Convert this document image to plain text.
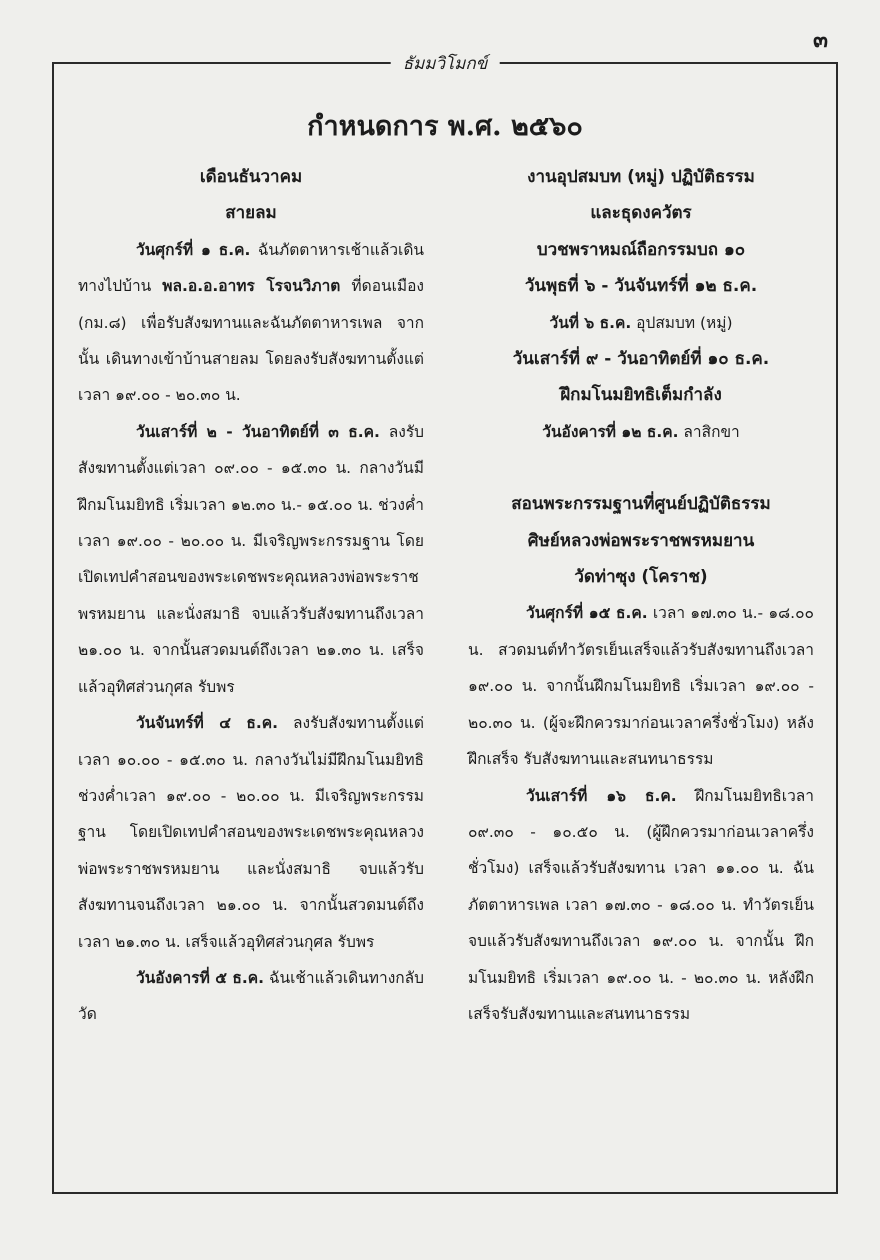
๓
ธัมมวิโมกข์
กำหนดการ พ.ศ. ๒๕๖๐

เดือนธันวาคม

สายลม

วันศุกร์ที่ ๑ ธ.ค. ฉันภัตตาหารเช้าแล้วเดินทางไปบ้าน พล.อ.อ.อาทร โรจนวิภาต ที่ดอนเมือง (กม.๘) เพื่อรับสังฆทานและฉันภัตตาหารเพล จากนั้น เดินทางเข้าบ้านสายลม โดยลงรับสังฆทานตั้งแต่เวลา ๑๙.๐๐ - ๒๐.๓๐ น.

วันเสาร์ที่ ๒ - วันอาทิตย์ที่ ๓ ธ.ค. ลงรับสังฆทานตั้งแต่เวลา ๐๙.๐๐ - ๑๕.๓๐ น. กลางวันมีฝึกมโนมยิทธิ เริ่มเวลา ๑๒.๓๐ น.- ๑๕.๐๐ น. ช่วงค่ำ เวลา ๑๙.๐๐ - ๒๐.๐๐ น. มีเจริญพระกรรมฐาน โดยเปิดเทปคำสอนของพระเดชพระคุณหลวงพ่อพระราชพรหมยาน และนั่งสมาธิ จบแล้วรับสังฆทานถึงเวลา ๒๑.๐๐ น. จากนั้นสวดมนต์ถึงเวลา ๒๑.๓๐ น. เสร็จแล้วอุทิศส่วนกุศล รับพร

วันจันทร์ที่ ๔ ธ.ค. ลงรับสังฆทานตั้งแต่เวลา ๑๐.๐๐ - ๑๕.๓๐ น. กลางวันไม่มีฝึกมโนมยิทธิ ช่วงค่ำเวลา ๑๙.๐๐ - ๒๐.๐๐ น. มีเจริญพระกรรมฐาน โดยเปิดเทปคำสอนของพระเดชพระคุณหลวงพ่อพระราชพรหมยาน และนั่งสมาธิ จบแล้วรับสังฆทานจนถึงเวลา ๒๑.๐๐ น. จากนั้นสวดมนต์ถึงเวลา ๒๑.๓๐ น. เสร็จแล้วอุทิศส่วนกุศล รับพร

วันอังคารที่ ๕ ธ.ค. ฉันเช้าแล้วเดินทางกลับวัด

งานอุปสมบท (หมู่) ปฏิบัติธรรม

และธุดงควัตร

บวชพราหมณ์ถือกรรมบถ ๑๐

วันพุธที่ ๖ - วันจันทร์ที่ ๑๒ ธ.ค.

วันที่ ๖ ธ.ค. อุปสมบท (หมู่)

วันเสาร์ที่ ๙ - วันอาทิตย์ที่ ๑๐ ธ.ค.

ฝึกมโนมยิทธิเต็มกำลัง

วันอังคารที่ ๑๒ ธ.ค. ลาสิกขา

สอนพระกรรมฐานที่ศูนย์ปฏิบัติธรรม

ศิษย์หลวงพ่อพระราชพรหมยาน

วัดท่าซุง (โคราช)

วันศุกร์ที่ ๑๕ ธ.ค. เวลา ๑๗.๓๐ น.- ๑๘.๐๐ น. สวดมนต์ทำวัตรเย็นเสร็จแล้วรับสังฆทานถึงเวลา ๑๙.๐๐ น. จากนั้นฝึกมโนมยิทธิ เริ่มเวลา ๑๙.๐๐ - ๒๐.๓๐ น. (ผู้จะฝึกควรมาก่อนเวลาครึ่งชั่วโมง) หลังฝึกเสร็จ รับสังฆทานและสนทนาธรรม

วันเสาร์ที่ ๑๖ ธ.ค. ฝึกมโนมยิทธิเวลา ๐๙.๓๐ - ๑๐.๕๐ น. (ผู้ฝึกควรมาก่อนเวลาครึ่งชั่วโมง) เสร็จแล้วรับสังฆทาน เวลา ๑๑.๐๐ น. ฉันภัตตาหารเพล เวลา ๑๗.๓๐ - ๑๘.๐๐ น. ทำวัตรเย็น จบแล้วรับสังฆทานถึงเวลา ๑๙.๐๐ น. จากนั้น ฝึกมโนมยิทธิ เริ่มเวลา ๑๙.๐๐ น. - ๒๐.๓๐ น. หลังฝึกเสร็จรับสังฆทานและสนทนาธรรม
